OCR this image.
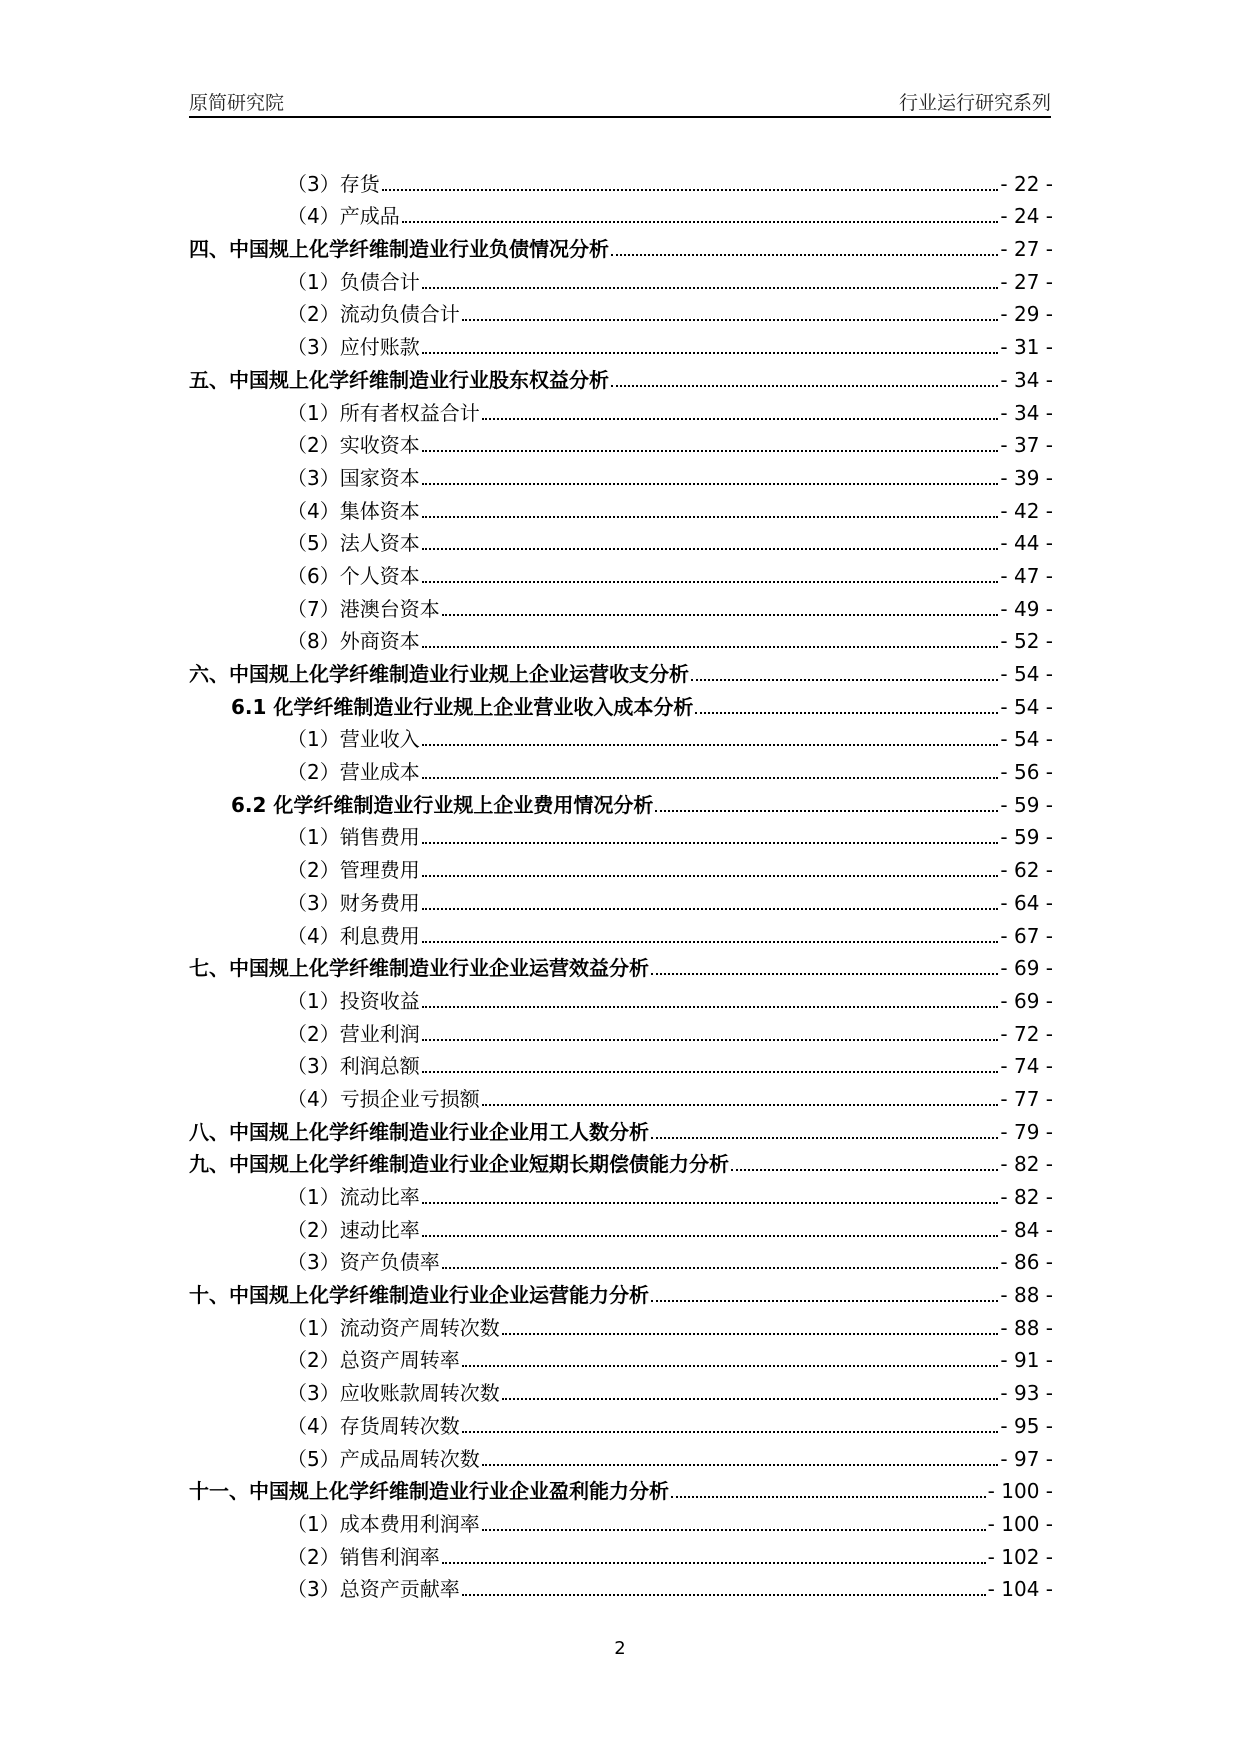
原简研究院	行业运行研究系列
（3）存货	- 22 -
（4）产成品	- 24 -
四、中国规上化学纤维制造业行业负债情况分析	- 27 -
（1）负债合计	- 27 -
（2）流动负债合计	- 29 -
（3）应付账款	- 31 -
五、中国规上化学纤维制造业行业股东权益分析	- 34 -
（1）所有者权益合计	- 34 -
（2）实收资本	- 37 -
（3）国家资本	- 39 -
（4）集体资本	- 42 -
（5）法人资本	- 44 -
（6）个人资本	- 47 -
（7）港澳台资本	- 49 -
（8）外商资本	- 52 -
六、中国规上化学纤维制造业行业规上企业运营收支分析	- 54 -
6.1 化学纤维制造业行业规上企业营业收入成本分析	- 54 -
（1）营业收入	- 54 -
（2）营业成本	- 56 -
6.2 化学纤维制造业行业规上企业费用情况分析	- 59 -
（1）销售费用	- 59 -
（2）管理费用	- 62 -
（3）财务费用	- 64 -
（4）利息费用	- 67 -
七、中国规上化学纤维制造业行业企业运营效益分析	- 69 -
（1）投资收益	- 69 -
（2）营业利润	- 72 -
（3）利润总额	- 74 -
（4）亏损企业亏损额	- 77 -
八、中国规上化学纤维制造业行业企业用工人数分析	- 79 -
九、中国规上化学纤维制造业行业企业短期长期偿债能力分析	- 82 -
（1）流动比率	- 82 -
（2）速动比率	- 84 -
（3）资产负债率	- 86 -
十、中国规上化学纤维制造业行业企业运营能力分析	- 88 -
（1）流动资产周转次数	- 88 -
（2）总资产周转率	- 91 -
（3）应收账款周转次数	- 93 -
（4）存货周转次数	- 95 -
（5）产成品周转次数	- 97 -
十一、中国规上化学纤维制造业行业企业盈利能力分析	- 100 -
（1）成本费用利润率	- 100 -
（2）销售利润率	- 102 -
（3）总资产贡献率	- 104 -
2
